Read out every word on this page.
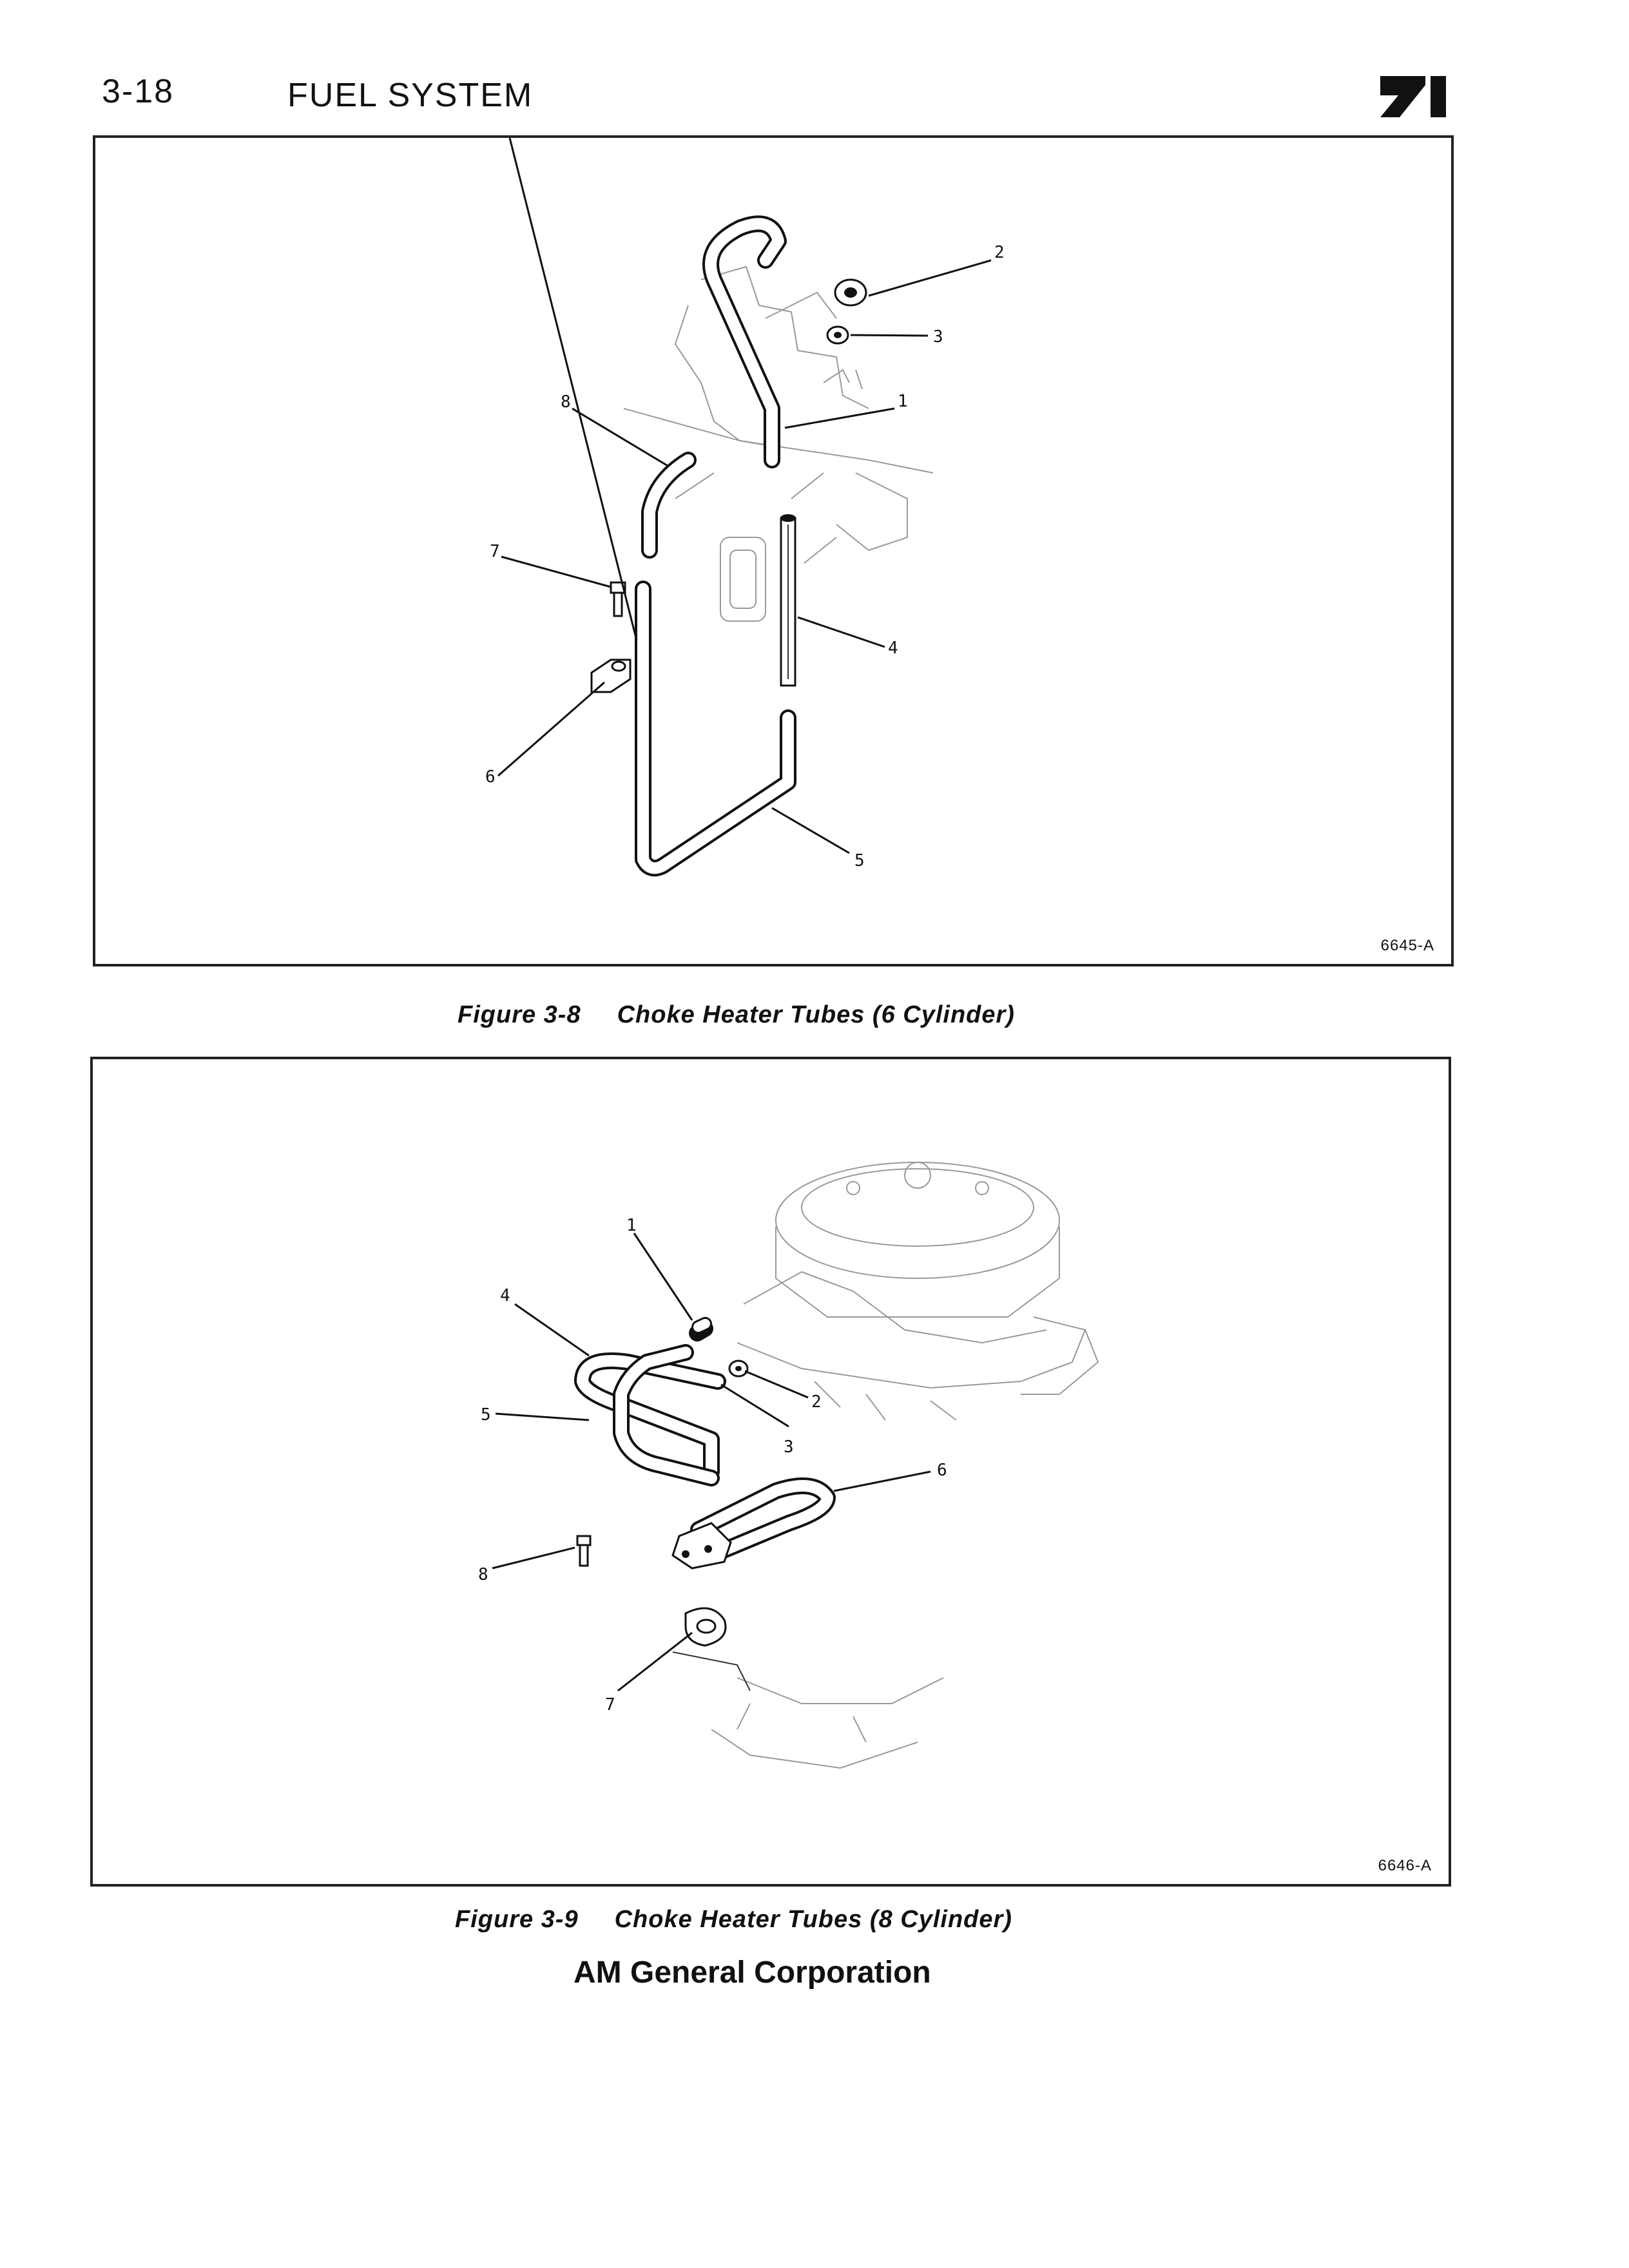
3-18	FUEL SYSTEM
2
3
1
4
5
6
7
8
6645-A
Figure 3-8 Choke Heater Tubes (6 Cylinder)
1
2
3
4
5
6
7
8
6646-A
Figure 3-9 Choke Heater Tubes (8 Cylinder)
AM General Corporation
